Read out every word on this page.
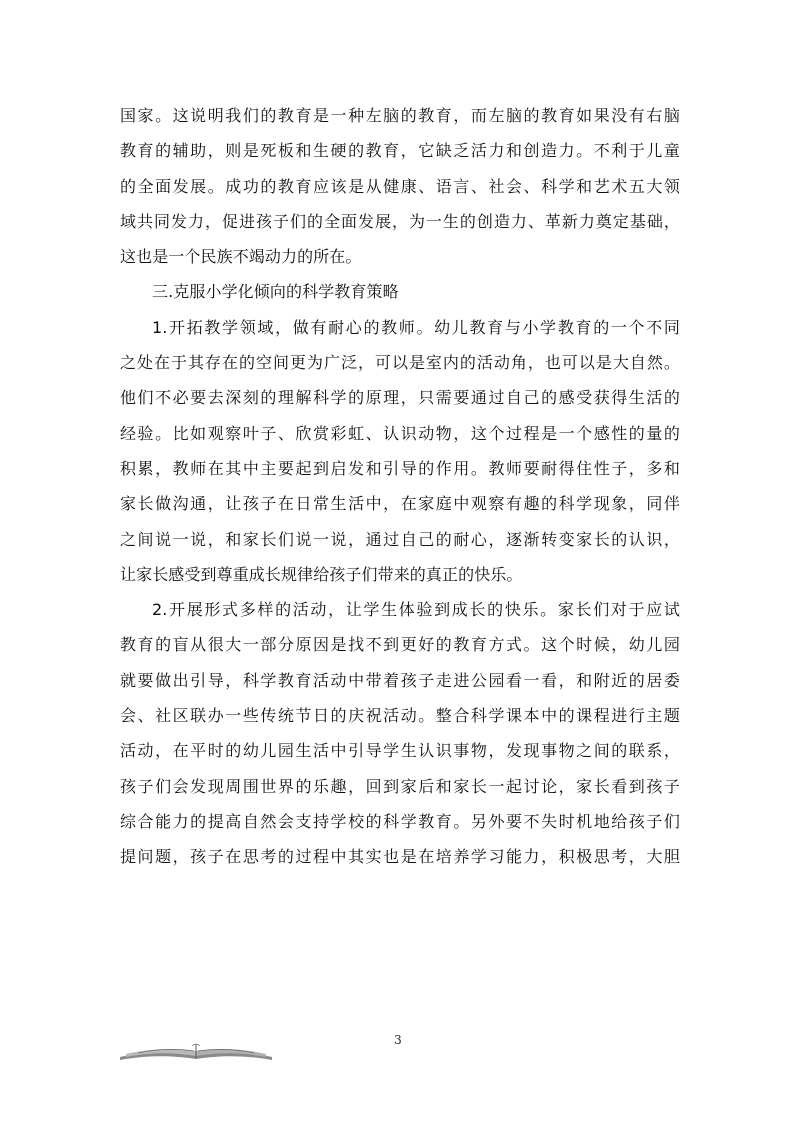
国家。这说明我们的教育是一种左脑的教育，而左脑的教育如果没有右脑
教育的辅助，则是死板和生硬的教育，它缺乏活力和创造力。不利于儿童
的全面发展。成功的教育应该是从健康、语言、社会、科学和艺术五大领
域共同发力，促进孩子们的全面发展，为一生的创造力、革新力奠定基础，
这也是一个民族不竭动力的所在。
三.克服小学化倾向的科学教育策略
1.开拓教学领域，做有耐心的教师。幼儿教育与小学教育的一个不同
之处在于其存在的空间更为广泛，可以是室内的活动角，也可以是大自然。
他们不必要去深刻的理解科学的原理，只需要通过自己的感受获得生活的
经验。比如观察叶子、欣赏彩虹、认识动物，这个过程是一个感性的量的
积累，教师在其中主要起到启发和引导的作用。教师要耐得住性子，多和
家长做沟通，让孩子在日常生活中，在家庭中观察有趣的科学现象，同伴
之间说一说，和家长们说一说，通过自己的耐心，逐渐转变家长的认识，
让家长感受到尊重成长规律给孩子们带来的真正的快乐。
2.开展形式多样的活动，让学生体验到成长的快乐。家长们对于应试
教育的盲从很大一部分原因是找不到更好的教育方式。这个时候，幼儿园
就要做出引导，科学教育活动中带着孩子走进公园看一看，和附近的居委
会、社区联办一些传统节日的庆祝活动。整合科学课本中的课程进行主题
活动，在平时的幼儿园生活中引导学生认识事物，发现事物之间的联系，
孩子们会发现周围世界的乐趣，回到家后和家长一起讨论，家长看到孩子
综合能力的提高自然会支持学校的科学教育。另外要不失时机地给孩子们
提问题，孩子在思考的过程中其实也是在培养学习能力，积极思考，大胆
3
